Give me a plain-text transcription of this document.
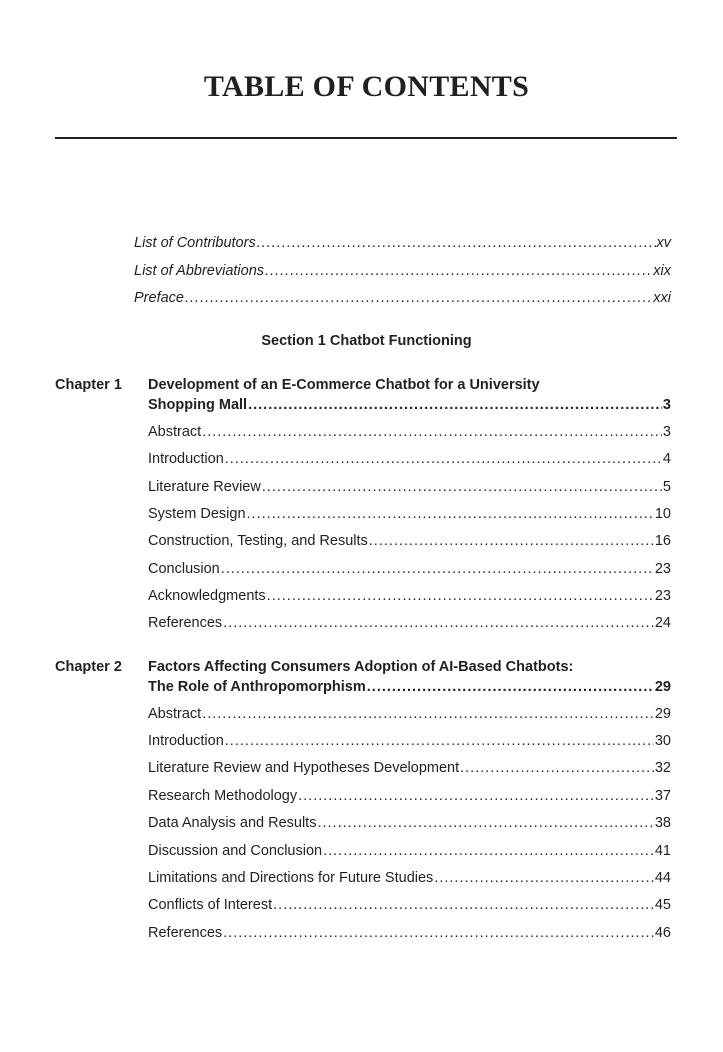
TABLE OF CONTENTS
List of Contributors .....	xv
List of Abbreviations .....	xix
Preface .....	xxi
Section 1 Chatbot Functioning
Chapter 1 Development of an E-Commerce Chatbot for a University
Shopping Mall .....	3
Abstract .....	3
Introduction .....	4
Literature Review .....	5
System Design .....	10
Construction, Testing, and Results .....	16
Conclusion .....	23
Acknowledgments .....	23
References .....	24
Chapter 2 Factors Affecting Consumers Adoption of AI-Based Chatbots:
The Role of Anthropomorphism .....	29
Abstract .....	29
Introduction .....	30
Literature Review and Hypotheses Development .....	32
Research Methodology .....	37
Data Analysis and Results .....	38
Discussion and Conclusion .....	41
Limitations and Directions for Future Studies .....	44
Conflicts of Interest .....	45
References .....	46
